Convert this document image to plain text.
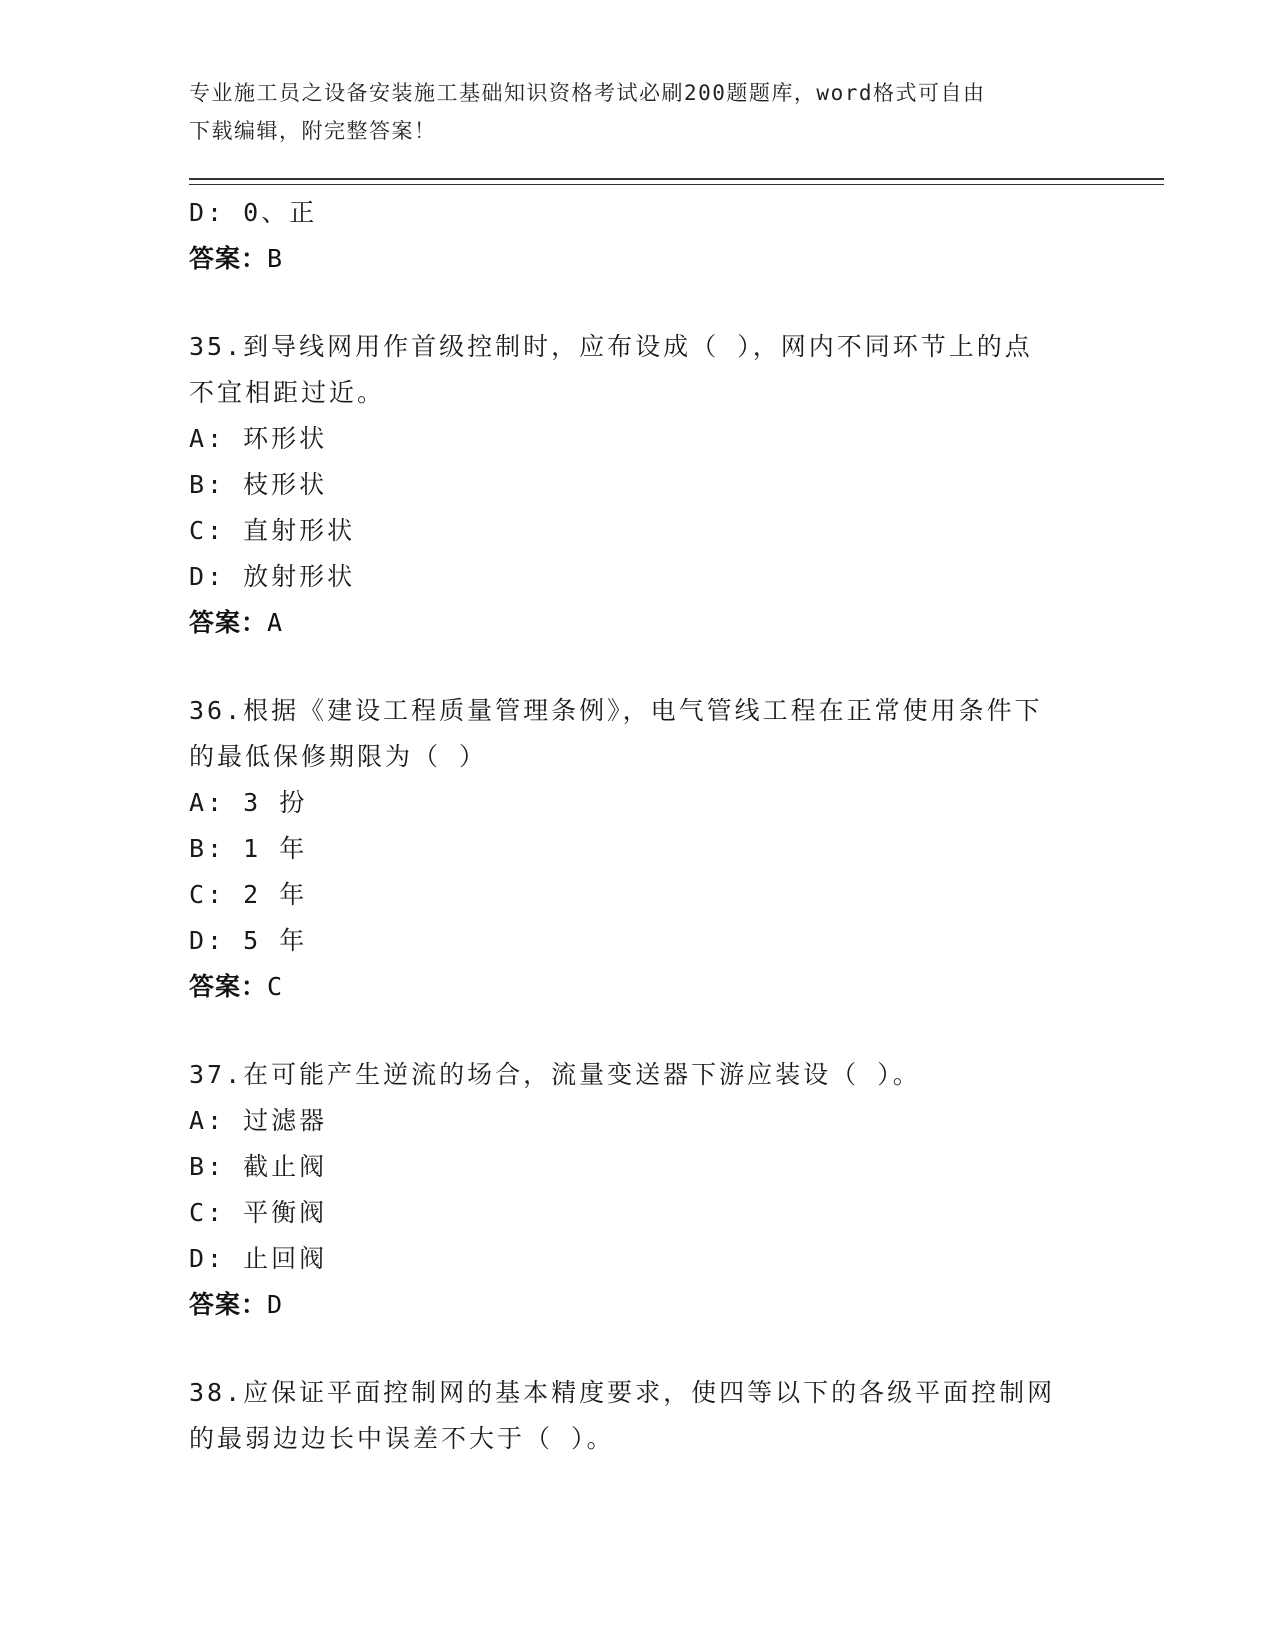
专业施工员之设备安装施工基础知识资格考试必刷200题题库，word格式可自由
下载编辑，附完整答案！
D: 0、正
答案：B
35.到导线网用作首级控制时，应布设成（ ），网内不同环节上的点
不宜相距过近。
A: 环形状
B: 枝形状
C: 直射形状
D: 放射形状
答案：A
36.根据《建设工程质量管理条例》，电气管线工程在正常使用条件下
的最低保修期限为（ ）
A: 3 扮
B: 1 年
C: 2 年
D: 5 年
答案：C
37.在可能产生逆流的场合，流量变送器下游应装设（ ）。
A: 过滤器
B: 截止阀
C: 平衡阀
D: 止回阀
答案：D
38.应保证平面控制网的基本精度要求，使四等以下的各级平面控制网
的最弱边边长中误差不大于（ ）。
